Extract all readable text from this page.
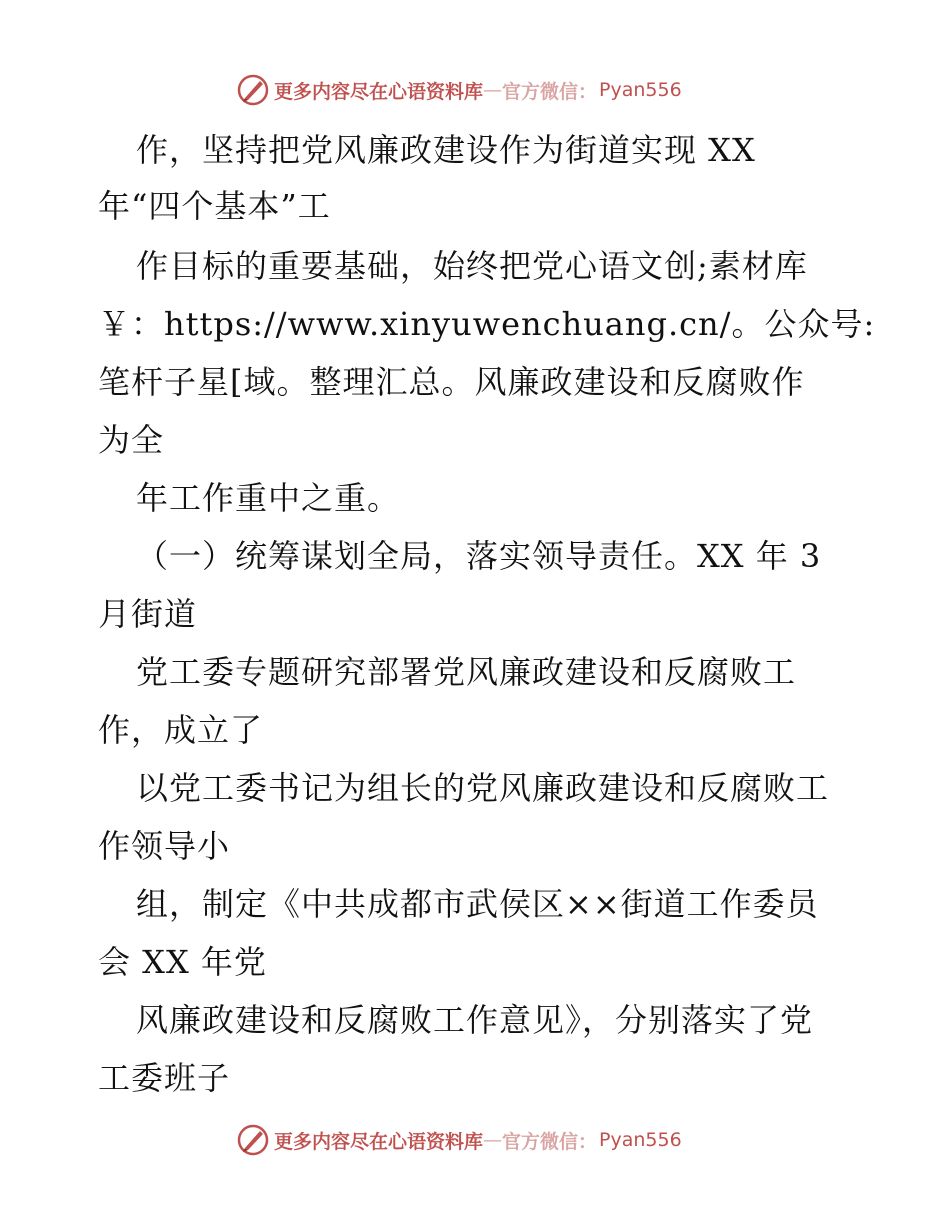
更多内容尽在心语资料库 — 官方微信： Pyan556
作，坚持把党风廉政建设作为街道实现 XX
年“四个基本”工
作目标的重要基础，始终把党心语文创;素材库
￥：https://www.xinyuwenchuang.cn/。公众号:
笔杆子星[域。整理汇总。风廉政建设和反腐败作
为全
年工作重中之重。
（一）统筹谋划全局，落实领导责任。XX 年 3
月街道
党工委专题研究部署党风廉政建设和反腐败工
作，成立了
以党工委书记为组长的党风廉政建设和反腐败工
作领导小
组，制定《中共成都市武侯区××街道工作委员
会 XX 年党
风廉政建设和反腐败工作意见》，分别落实了党
工委班子
更多内容尽在心语资料库 — 官方微信： Pyan556
